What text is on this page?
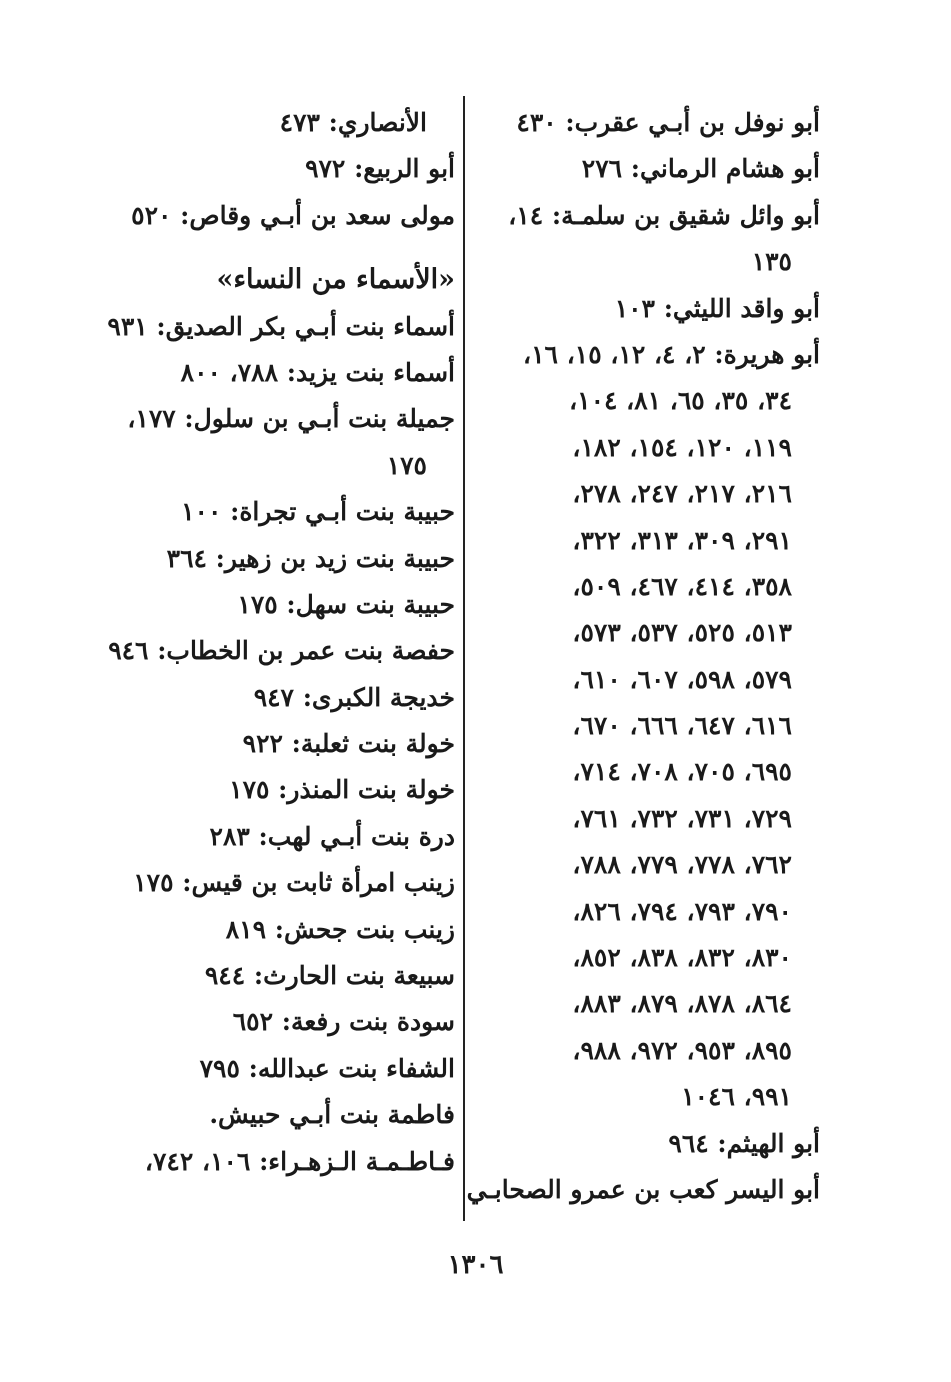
أبو نوفل بن أبـي عقرب: ٤٣٠
أبو هشام الرماني: ٢٧٦
أبو وائل شقيق بن سلمـة: ١٤،
١٣٥
أبو واقد الليثي: ١٠٣
أبو هريرة: ٢، ٤، ١٢، ١٥، ١٦،
٣٤، ٣٥، ٦٥، ٨١، ١٠٤،
١١٩، ١٢٠، ١٥٤، ١٨٢،
٢١٦، ٢١٧، ٢٤٧، ٢٧٨،
٢٩١، ٣٠٩، ٣١٣، ٣٢٢،
٣٥٨، ٤١٤، ٤٦٧، ٥٠٩،
٥١٣، ٥٢٥، ٥٣٧، ٥٧٣،
٥٧٩، ٥٩٨، ٦٠٧، ٦١٠،
٦١٦، ٦٤٧، ٦٦٦، ٦٧٠،
٦٩٥، ٧٠٥، ٧٠٨، ٧١٤،
٧٢٩، ٧٣١، ٧٣٢، ٧٦١،
٧٦٢، ٧٧٨، ٧٧٩، ٧٨٨،
٧٩٠، ٧٩٣، ٧٩٤، ٨٢٦،
٨٣٠، ٨٣٢، ٨٣٨، ٨٥٢،
٨٦٤، ٨٧٨، ٨٧٩، ٨٨٣،
٨٩٥، ٩٥٣، ٩٧٢، ٩٨٨،
٩٩١، ١٠٤٦
أبو الهيثم: ٩٦٤
أبو اليسر كعب بن عمرو الصحابـي
الأنصاري: ٤٧٣
أبو الربيع: ٩٧٢
مولى سعد بن أبـي وقاص: ٥٢٠
«الأسماء من النساء»
أسماء بنت أبـي بكر الصديق: ٩٣١
أسماء بنت يزيد: ٧٨٨، ٨٠٠
جميلة بنت أبـي بن سلول: ١٧٧،
١٧٥
حبيبة بنت أبـي تجراة: ١٠٠
حبيبة بنت زيد بن زهير: ٣٦٤
حبيبة بنت سهل: ١٧٥
حفصة بنت عمر بن الخطاب: ٩٤٦
خديجة الكبرى: ٩٤٧
خولة بنت ثعلبة: ٩٢٢
خولة بنت المنذر: ١٧٥
درة بنت أبـي لهب: ٢٨٣
زينب امرأة ثابت بن قيس: ١٧٥
زينب بنت جحش: ٨١٩
سبيعة بنت الحارث: ٩٤٤
سودة بنت رفعة: ٦٥٢
الشفاء بنت عبدالله: ٧٩٥
فاطمة بنت أبـي حبيش.
فـاطـمـة الـزهـراء: ١٠٦، ٧٤٢،
١٣٠٦
